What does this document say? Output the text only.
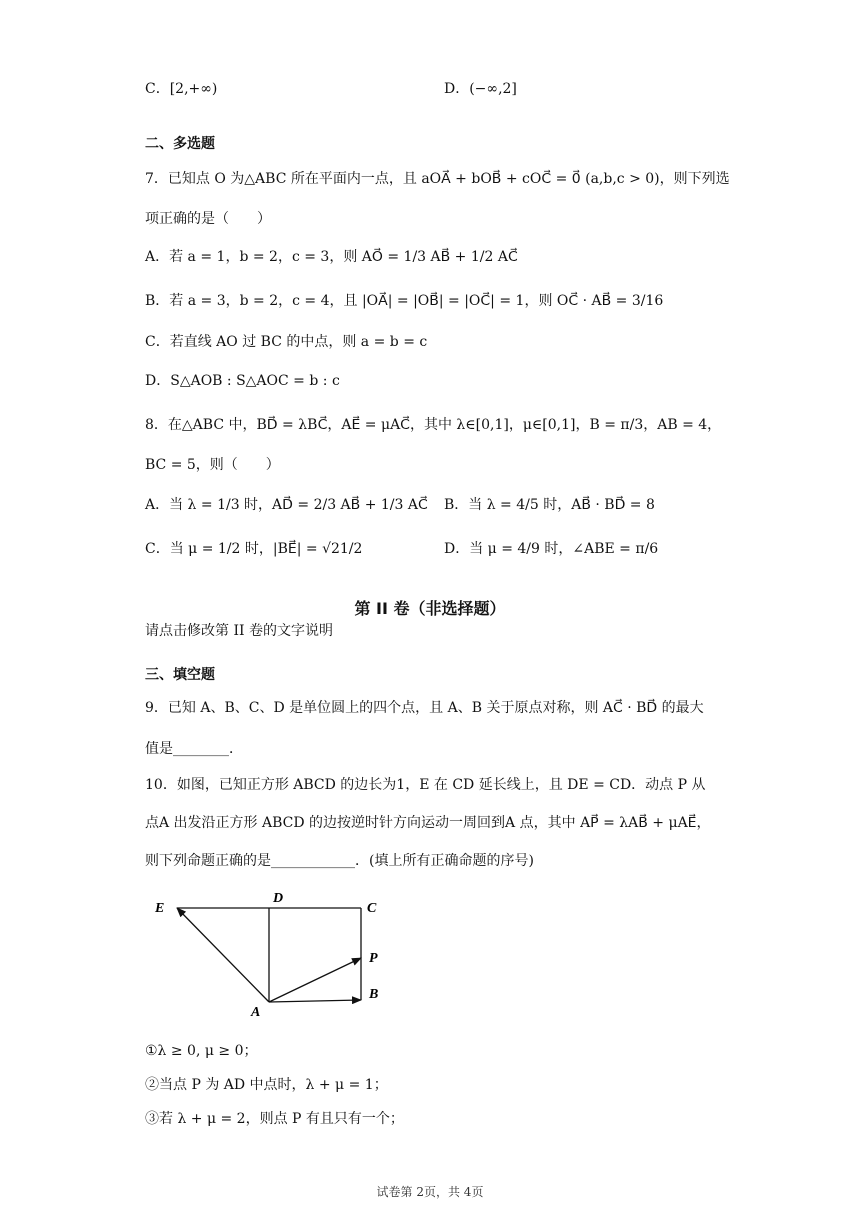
C．[2,+∞)	D．(−∞,2]
二、多选题
7．已知点 O 为△ABC 所在平面内一点，且 aOA⃗ + bOB⃗ + cOC⃗ = 0⃗ (a,b,c > 0)，则下列选
项正确的是（　　）
A．若 a = 1，b = 2，c = 3，则 AO⃗ = 1/3 AB⃗ + 1/2 AC⃗
B．若 a = 3，b = 2，c = 4，且 |OA⃗| = |OB⃗| = |OC⃗| = 1，则 OC⃗ · AB⃗ = 3/16
C．若直线 AO 过 BC 的中点，则 a = b = c
D．S△AOB : S△AOC = b : c
8．在△ABC 中，BD⃗ = λBC⃗，AE⃗ = μAC⃗，其中 λ∈[0,1]，μ∈[0,1]，B = π/3，AB = 4，
BC = 5，则（　　）
A．当 λ = 1/3 时，AD⃗ = 2/3 AB⃗ + 1/3 AC⃗ B．当 λ = 4/5 时，AB⃗ · BD⃗ = 8
C．当 μ = 1/2 时，|BE⃗| = √21/2	D．当 μ = 4/9 时，∠ABE = π/6
第 II 卷（非选择题）
请点击修改第 II 卷的文字说明
三、填空题
9．已知 A、B、C、D 是单位圆上的四个点，且 A、B 关于原点对称，则 AC⃗ · BD⃗ 的最大
值是________．
10．如图，已知正方形 ABCD 的边长为1，E 在 CD 延长线上，且 DE = CD．动点 P 从
点A 出发沿正方形 ABCD 的边按逆时针方向运动一周回到A 点，其中 AP⃗ = λAB⃗ + μAE⃗，
则下列命题正确的是____________．(填上所有正确命题的序号)
E
D
C
P
B
A
①λ ≥ 0, μ ≥ 0；
②当点 P 为 AD 中点时，λ + μ = 1；
③若 λ + μ = 2，则点 P 有且只有一个；
试卷第 2页，共 4页
